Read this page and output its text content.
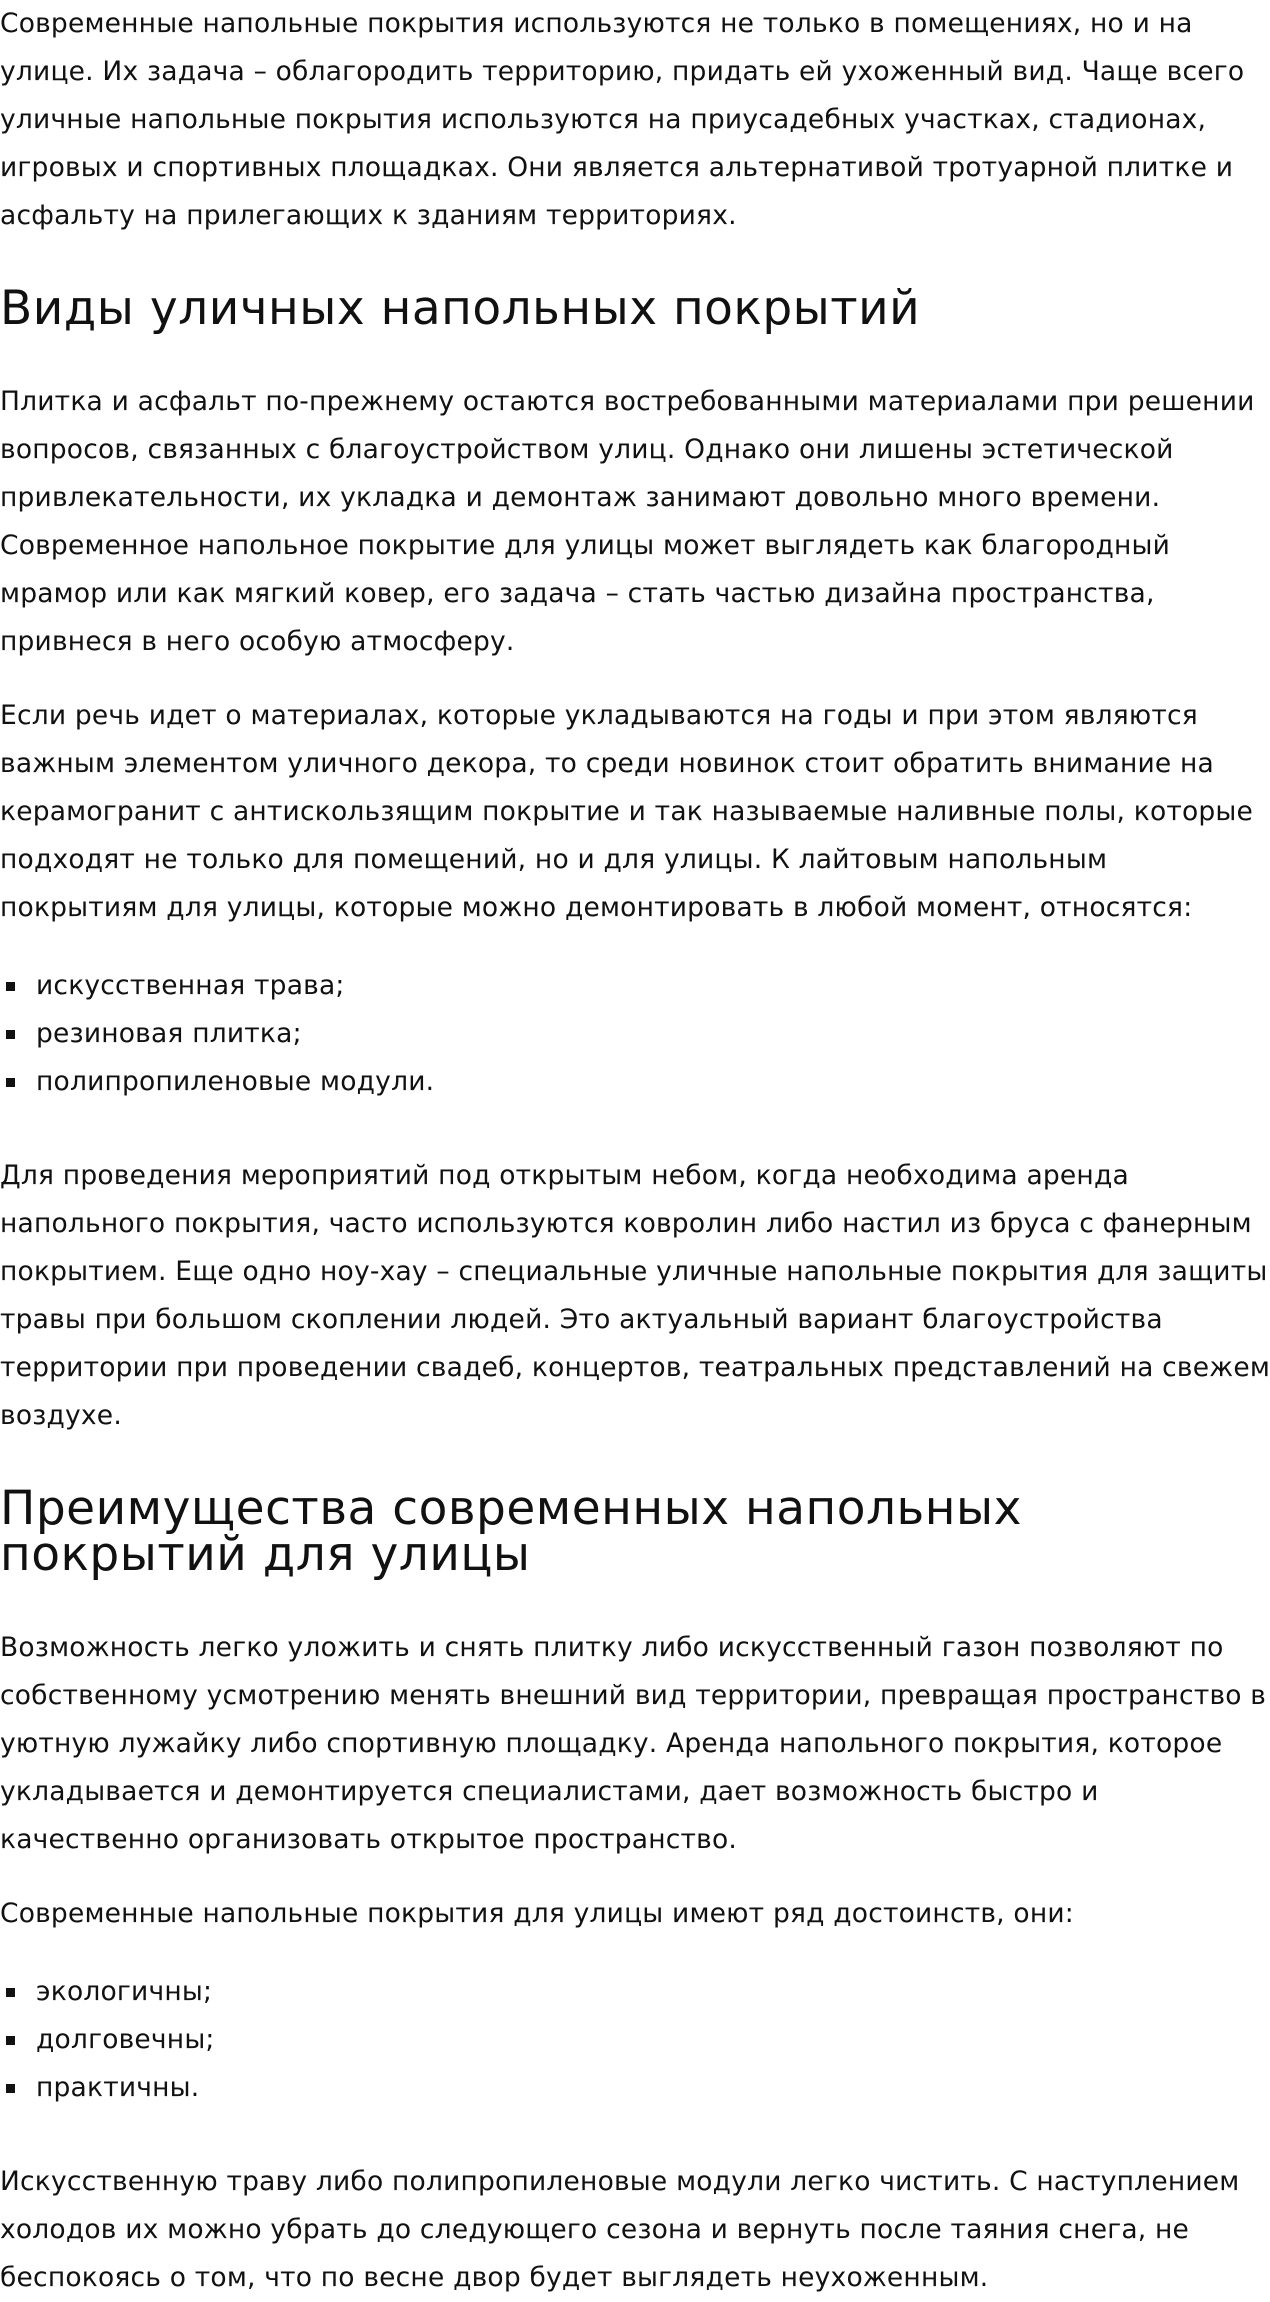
Современные напольные покрытия используются не только в помещениях, но и на улице. Их задача – облагородить территорию, придать ей ухоженный вид. Чаще всего уличные напольные покрытия используются на приусадебных участках, стадионах, игровых и спортивных площадках. Они является альтернативой тротуарной плитке и асфальту на прилегающих к зданиям территориях.

Виды уличных напольных покрытий

Плитка и асфальт по-прежнему остаются востребованными материалами при решении вопросов, связанных с благоустройством улиц. Однако они лишены эстетической привлекательности, их укладка и демонтаж занимают довольно много времени. Современное напольное покрытие для улицы может выглядеть как благородный мрамор или как мягкий ковер, его задача – стать частью дизайна пространства, привнеся в него особую атмосферу.

Если речь идет о материалах, которые укладываются на годы и при этом являются важным элементом уличного декора, то среди новинок стоит обратить внимание на керамогранит с антискользящим покрытие и так называемые наливные полы, которые подходят не только для помещений, но и для улицы. К лайтовым напольным покрытиям для улицы, которые можно демонтировать в любой момент, относятся:

искусственная трава;
резиновая плитка;
полипропиленовые модули.

Для проведения мероприятий под открытым небом, когда необходима аренда напольного покрытия, часто используются ковролин либо настил из бруса с фанерным покрытием. Еще одно ноу-хау – специальные уличные напольные покрытия для защиты травы при большом скоплении людей. Это актуальный вариант благоустройства территории при проведении свадеб, концертов, театральных представлений на свежем воздухе.

Преимущества современных напольных покрытий для улицы

Возможность легко уложить и снять плитку либо искусственный газон позволяют по собственному усмотрению менять внешний вид территории, превращая пространство в уютную лужайку либо спортивную площадку. Аренда напольного покрытия, которое укладывается и демонтируется специалистами, дает возможность быстро и качественно организовать открытое пространство.

Современные напольные покрытия для улицы имеют ряд достоинств, они:

экологичны;
долговечны;
практичны.

Искусственную траву либо полипропиленовые модули легко чистить. С наступлением холодов их можно убрать до следующего сезона и вернуть после таяния снега, не беспокоясь о том, что по весне двор будет выглядеть неухоженным.
